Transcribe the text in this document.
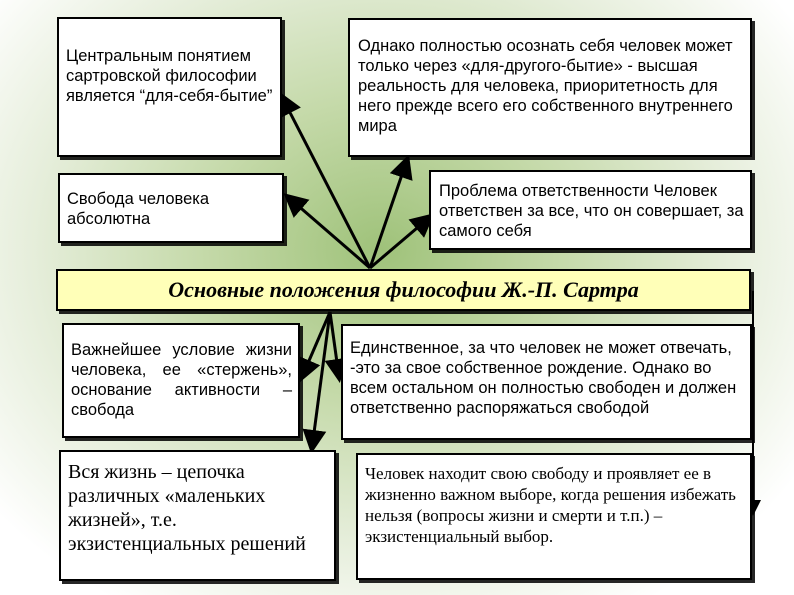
Центральным понятием сартровской философии является “для-себя-бытие”
Однако полностью осознать себя человек может только через «для-другого-бытие» - высшая реальность для человека, приоритетность для него прежде всего его собственного внутреннего мира
Свобода человека абсолютна
Проблема ответственности Человек ответствен за все, что он совершает, за самого себя
Основные положения философии Ж.-П. Сартра
Важнейшее условие жизни человека, ее «стержень», основание активности – свобода
Единственное, за что человек не может отвечать, -это за свое собственное рождение. Однако во всем остальном он полностью свободен и должен ответственно распоряжаться свободой
Вся жизнь – цепочка различных «маленьких жизней», т.е. экзистенциальных решений
Человек находит свою свободу и проявляет ее в жизненно важном выборе, когда решения избежать нельзя (вопросы жизни и смерти и т.п.) – экзистенциальный выбор.
